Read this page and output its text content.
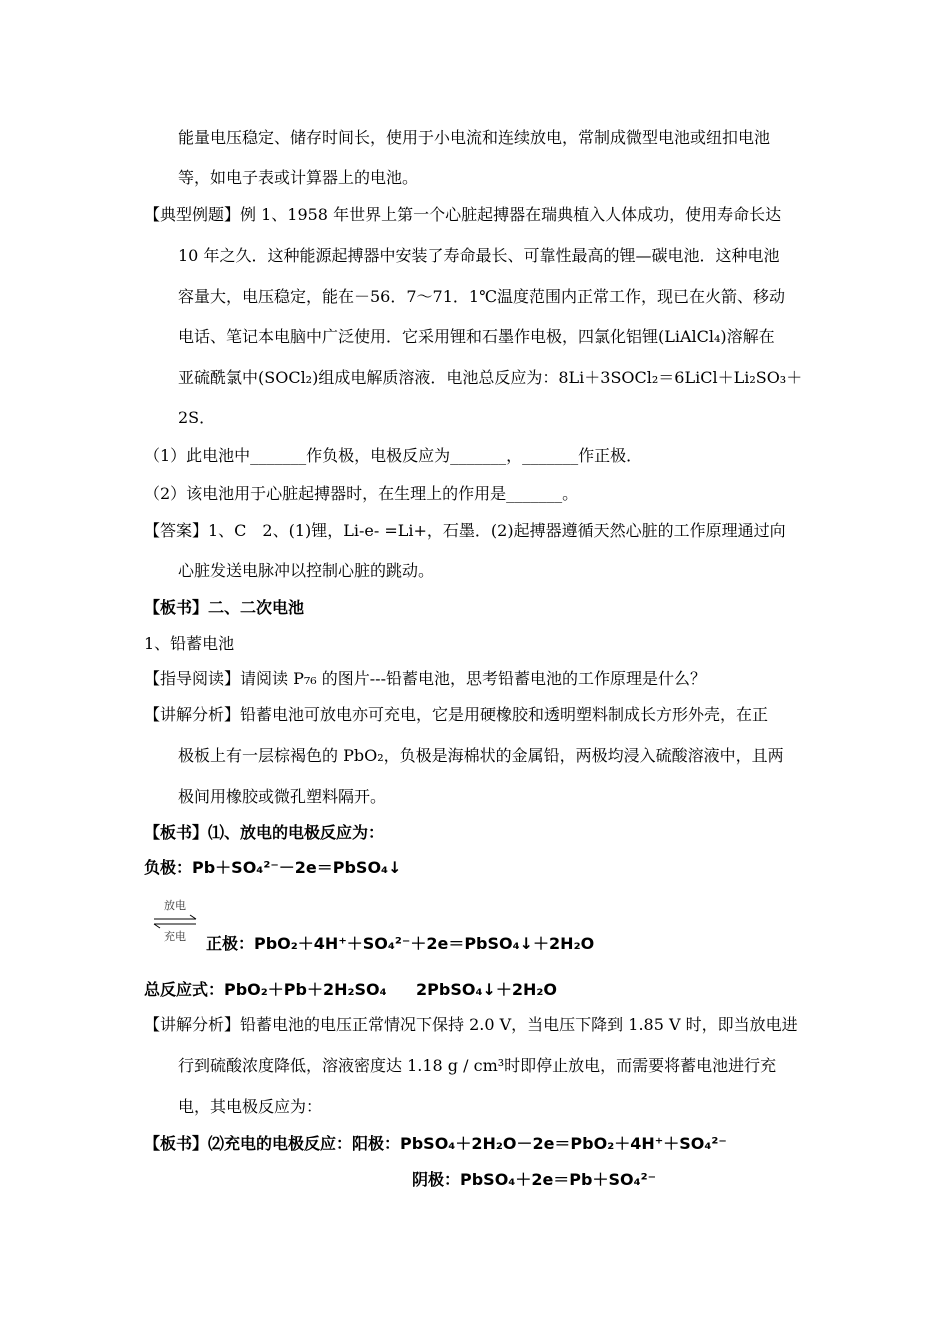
能量电压稳定、储存时间长，使用于小电流和连续放电，常制成微型电池或纽扣电池
等，如电子表或计算器上的电池。
【典型例题】例 1、1958 年世界上第一个心脏起搏器在瑞典植入人体成功，使用寿命长达
10 年之久．这种能源起搏器中安装了寿命最长、可靠性最高的锂—碳电池．这种电池
容量大，电压稳定，能在－56．7～71．1℃温度范围内正常工作，现已在火箭、移动
电话、笔记本电脑中广泛使用．它采用锂和石墨作电极，四氯化铝锂(LiAlCl₄)溶解在
亚硫酰氯中(SOCl₂)组成电解质溶液．电池总反应为：8Li＋3SOCl₂＝6LiCl＋Li₂SO₃＋
2S．
（1）此电池中_______作负极，电极反应为_______，_______作正极．
（2）该电池用于心脏起搏器时，在生理上的作用是_______。
【答案】1、C　2、(1)锂，Li-e- =Li+，石墨．(2)起搏器遵循天然心脏的工作原理通过向
心脏发送电脉冲以控制心脏的跳动。
【板书】二、二次电池
1、铅蓄电池
【指导阅读】请阅读 P₇₆ 的图片---铅蓄电池，思考铅蓄电池的工作原理是什么？
【讲解分析】铅蓄电池可放电亦可充电，它是用硬橡胶和透明塑料制成长方形外壳，在正
极板上有一层棕褐色的 PbO₂，负极是海棉状的金属铅，两极均浸入硫酸溶液中，且两
极间用橡胶或微孔塑料隔开。
【板书】⑴、放电的电极反应为：
负极：Pb＋SO₄²⁻－2e＝PbSO₄↓
放电
充电 正极：PbO₂＋4H⁺＋SO₄²⁻＋2e＝PbSO₄↓＋2H₂O
总反应式：PbO₂＋Pb＋2H₂SO₄ 2PbSO₄↓＋2H₂O
【讲解分析】铅蓄电池的电压正常情况下保持 2.0 V，当电压下降到 1.85 V 时，即当放电进
行到硫酸浓度降低，溶液密度达 1.18 g / cm³时即停止放电，而需要将蓄电池进行充
电，其电极反应为：
【板书】⑵充电的电极反应：阳极：PbSO₄＋2H₂O－2e＝PbO₂＋4H⁺＋SO₄²⁻
阴极：PbSO₄＋2e＝Pb＋SO₄²⁻
